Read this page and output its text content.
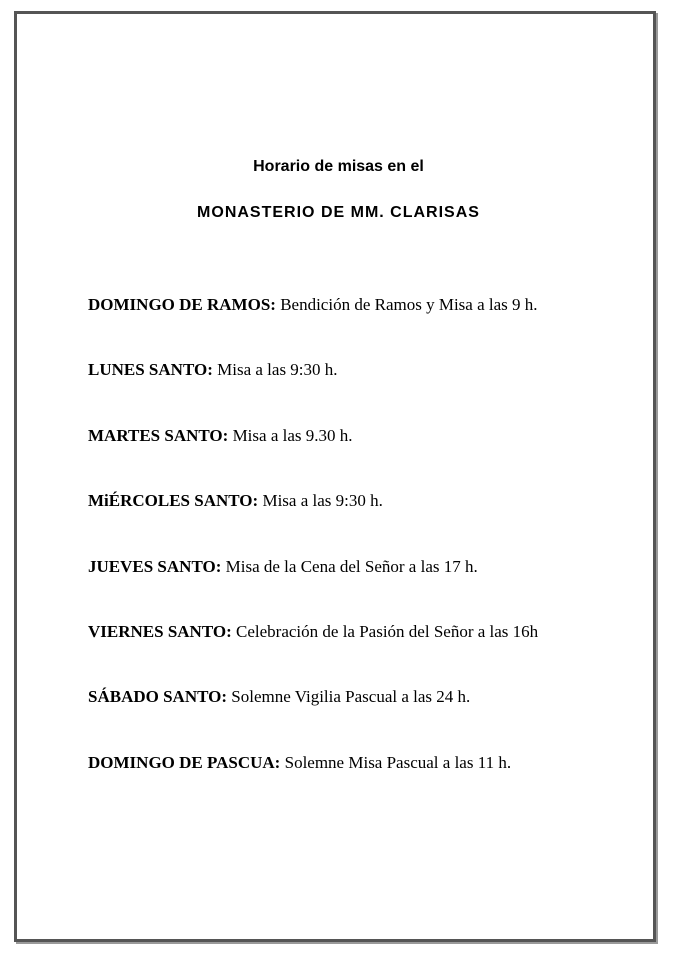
Horario de misas en el
MONASTERIO DE MM. CLARISAS
DOMINGO DE RAMOS: Bendición de Ramos y Misa a las 9 h.
LUNES SANTO: Misa a las 9:30 h.
MARTES SANTO: Misa a las 9.30 h.
MiÉRCOLES SANTO: Misa a las 9:30 h.
JUEVES SANTO: Misa de la Cena del Señor a las 17 h.
VIERNES SANTO: Celebración de la Pasión del Señor a las 16h
SÁBADO SANTO: Solemne Vigilia Pascual a las 24 h.
DOMINGO DE PASCUA: Solemne Misa Pascual a las 11 h.
